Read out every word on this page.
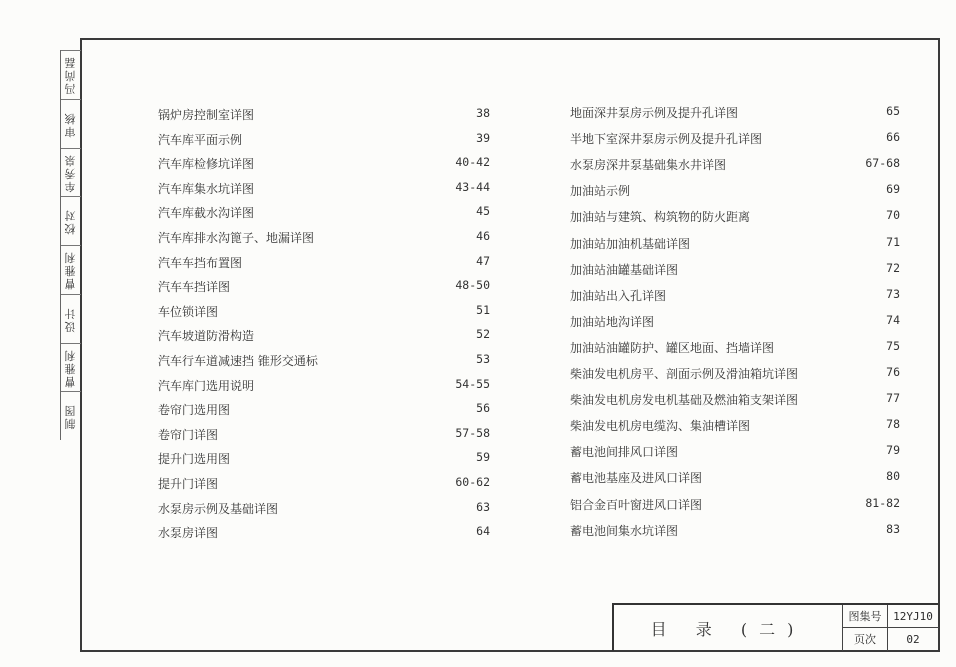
冯尚磊
审核
牟秀泉
校对
曹雅利
设计
曹雅利
制图
锅炉房控制室详图	38
汽车库平面示例	39
汽车库检修坑详图	40-42
汽车库集水坑详图	43-44
汽车库截水沟详图	45
汽车库排水沟篦子、地漏详图	46
汽车车挡布置图	47
汽车车挡详图	48-50
车位锁详图	51
汽车坡道防滑构造	52
汽车行车道减速挡 锥形交通标	53
汽车库门选用说明	54-55
卷帘门选用图	56
卷帘门详图	57-58
提升门选用图	59
提升门详图	60-62
水泵房示例及基础详图	63
水泵房详图	64
地面深井泵房示例及提升孔详图	65
半地下室深井泵房示例及提升孔详图	66
水泵房深井泵基础集水井详图	67-68
加油站示例	69
加油站与建筑、构筑物的防火距离	70
加油站加油机基础详图	71
加油站油罐基础详图	72
加油站出入孔详图	73
加油站地沟详图	74
加油站油罐防护、罐区地面、挡墙详图	75
柴油发电机房平、剖面示例及滑油箱坑详图	76
柴油发电机房发电机基础及燃油箱支架详图	77
柴油发电机房电缆沟、集油槽详图	78
蓄电池间排风口详图	79
蓄电池基座及进风口详图	80
铝合金百叶窗进风口详图	81-82
蓄电池间集水坑详图	83
目 录 (二)
图集号	12YJ10
页次	02
